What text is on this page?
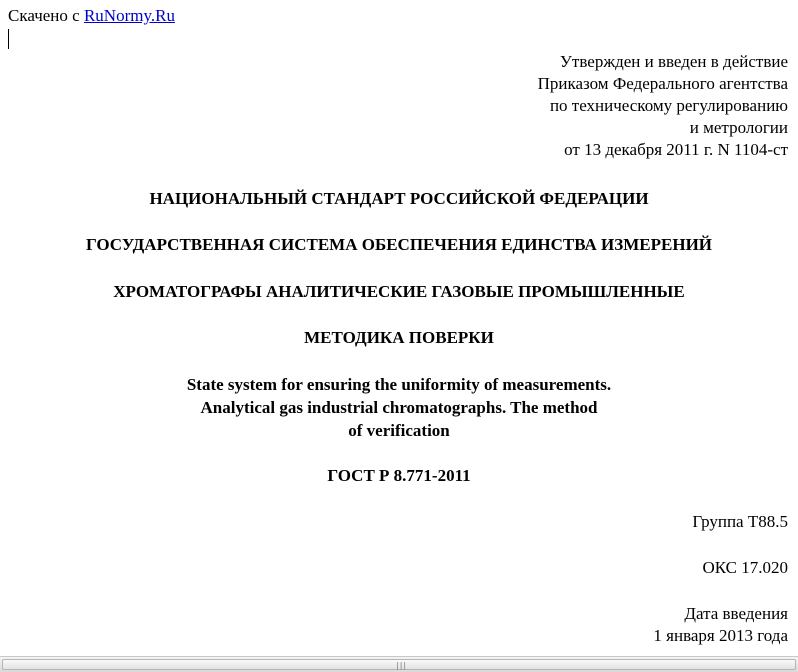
Скачено с RuNormy.Ru
Утвержден и введен в действие
Приказом Федерального агентства
по техническому регулированию
и метрологии
от 13 декабря 2011 г. N 1104-ст
НАЦИОНАЛЬНЫЙ СТАНДАРТ РОССИЙСКОЙ ФЕДЕРАЦИИ
ГОСУДАРСТВЕННАЯ СИСТЕМА ОБЕСПЕЧЕНИЯ ЕДИНСТВА ИЗМЕРЕНИЙ
ХРОМАТОГРАФЫ АНАЛИТИЧЕСКИЕ ГАЗОВЫЕ ПРОМЫШЛЕННЫЕ
МЕТОДИКА ПОВЕРКИ
State system for ensuring the uniformity of measurements.
Analytical gas industrial chromatographs. The method
of verification
ГОСТ Р 8.771-2011
Группа Т88.5
ОКС 17.020
Дата введения
1 января 2013 года
|||
